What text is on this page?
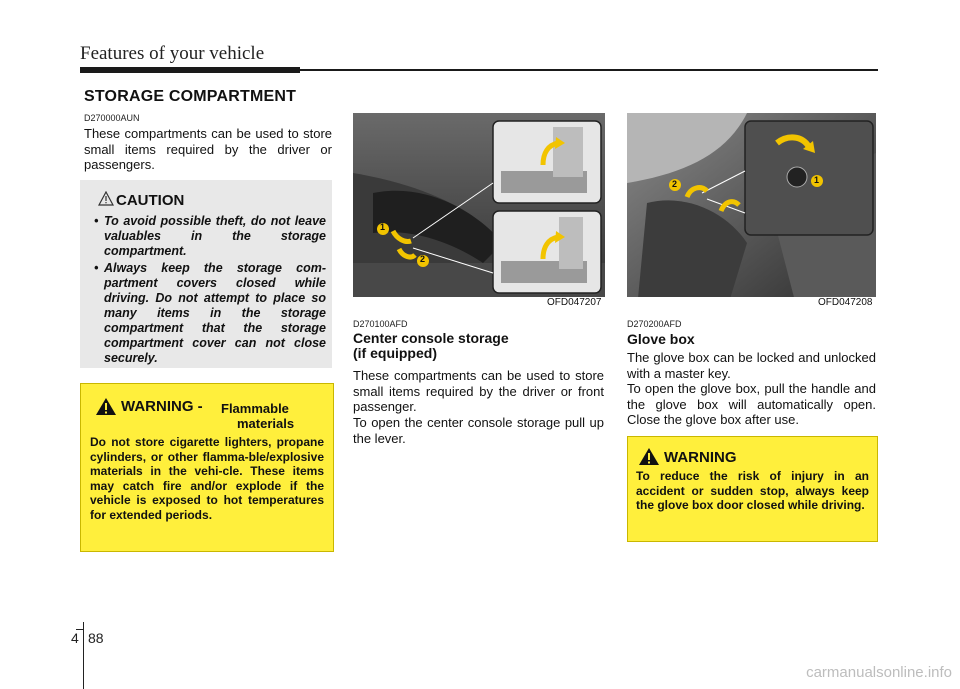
Features of your vehicle
STORAGE COMPARTMENT
D270000AUN
These compartments can be used to store small items required by the driver or passengers.
CAUTION
• To avoid possible theft, do not leave valuables in the storage compartment.
• Always keep the storage com-partment covers closed while driving. Do not attempt to place so many items in the storage compartment that the storage compartment cover can not close securely.
WARNING - Flammable
materials
Do not store cigarette lighters, propane cylinders, or other flamma-ble/explosive materials in the vehi-cle. These items may catch fire and/or explode if the vehicle is exposed to hot temperatures for extended periods.
1
2
OFD047207
D270100AFD
Center console storage
(if equipped)
These compartments can be used to store small items required by the driver or front passenger.
To open the center console storage pull up the lever.
2	1
OFD047208
D270200AFD
Glove box
The glove box can be locked and unlocked with a master key.
To open the glove box, pull the handle and the glove box will automatically open. Close the glove box after use.
WARNING
To reduce the risk of injury in an accident or sudden stop, always keep the glove box door closed while driving.
4 88
carmanualsonline.info
